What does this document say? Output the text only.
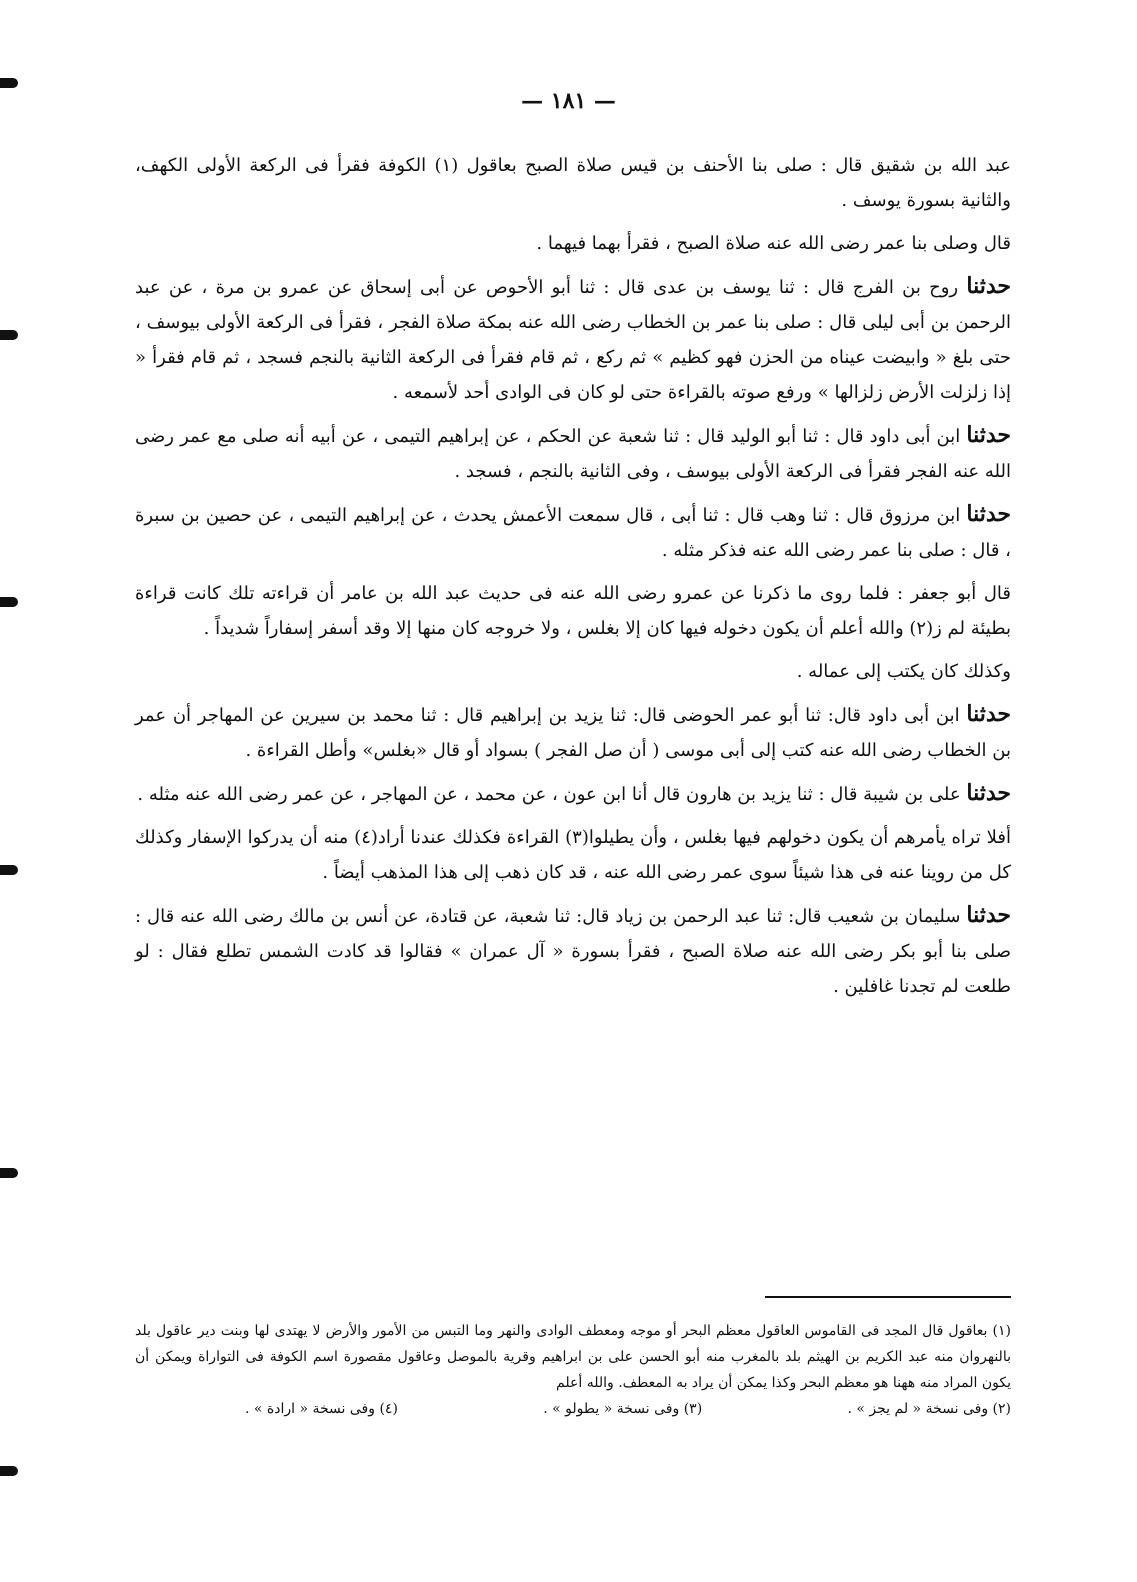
— ١٨١ —

عبد الله بن شقيق قال : صلى بنا الأحنف بن قيس صلاة الصبح بعاقول (١) الكوفة فقرأ فى الركعة الأولى الكهف، والثانية بسورة يوسف .

قال وصلى بنا عمر رضى الله عنه صلاة الصبح ، فقرأ بهما فيهما .

حدثنا روح بن الفرج قال : ثنا يوسف بن عدى قال : ثنا أبو الأحوص عن أبى إسحاق عن عمرو بن مرة ، عن عبد الرحمن بن أبى ليلى قال : صلى بنا عمر بن الخطاب رضى الله عنه بمكة صلاة الفجر ، فقرأ فى الركعة الأولى بيوسف ، حتى بلغ « وابيضت عيناه من الحزن فهو كظيم » ثم ركع ، ثم قام فقرأ فى الركعة الثانية بالنجم فسجد ، ثم قام فقرأ « إذا زلزلت الأرض زلزالها » ورفع صوته بالقراءة حتى لو كان فى الوادى أحد لأسمعه .

حدثنا ابن أبى داود قال : ثنا أبو الوليد قال : ثنا شعبة عن الحكم ، عن إبراهيم التيمى ، عن أبيه أنه صلى مع عمر رضى الله عنه الفجر فقرأ فى الركعة الأولى بيوسف ، وفى الثانية بالنجم ، فسجد .

حدثنا ابن مرزوق قال : ثنا وهب قال : ثنا أبى ، قال سمعت الأعمش يحدث ، عن إبراهيم التيمى ، عن حصين بن سبرة ، قال : صلى بنا عمر رضى الله عنه فذكر مثله .

قال أبو جعفر : فلما روى ما ذكرنا عن عمرو رضى الله عنه فى حديث عبد الله بن عامر أن قراءته تلك كانت قراءة بطيئة لم ز(٢) والله أعلم أن يكون دخوله فيها كان إلا بغلس ، ولا خروجه كان منها إلا وقد أسفر إسفاراً شديداً .

وكذلك كان يكتب إلى عماله .

حدثنا ابن أبى داود قال: ثنا أبو عمر الحوضى قال: ثنا يزيد بن إبراهيم قال : ثنا محمد بن سيرين عن المهاجر أن عمر بن الخطاب رضى الله عنه كتب إلى أبى موسى ( أن صل الفجر ) بسواد أو قال «بغلس» وأطل القراءة .

حدثنا على بن شيبة قال : ثنا يزيد بن هارون قال أنا ابن عون ، عن محمد ، عن المهاجر ، عن عمر رضى الله عنه مثله .

أفلا تراه يأمرهم أن يكون دخولهم فيها بغلس ، وأن يطيلوا(٣) القراءة فكذلك عندنا أراد(٤) منه أن يدركوا الإسفار وكذلك كل من روينا عنه فى هذا شيئاً سوى عمر رضى الله عنه ، قد كان ذهب إلى هذا المذهب أيضاً .

حدثنا سليمان بن شعيب قال: ثنا عبد الرحمن بن زياد قال: ثنا شعبة، عن قتادة، عن أنس بن مالك رضى الله عنه قال : صلى بنا أبو بكر رضى الله عنه صلاة الصبح ، فقرأ بسورة « آل عمران » فقالوا قد كادت الشمس تطلع فقال : لو طلعت لم تجدنا غافلين .

(١) بعاقول قال المجد فى القاموس العاقول معظم البحر أو موجه ومعطف الوادى والنهر وما التبس من الأمور والأرض لا يهتدى لها وبنت دير عاقول بلد بالنهروان منه عبد الكريم بن الهيثم بلد بالمغرب منه أبو الحسن على بن ابراهيم وقرية بالموصل وعاقول مقصورة اسم الكوفة فى التواراة ويمكن أن يكون المراد منه ههنا هو معظم البحر وكذا يمكن أن يراد به المعطف. والله أعلم

(٢) وفى نسخة « لم يجز » .
(٣) وفى نسخة « يطولو » .
(٤) وفى نسخة « ارادة » .
